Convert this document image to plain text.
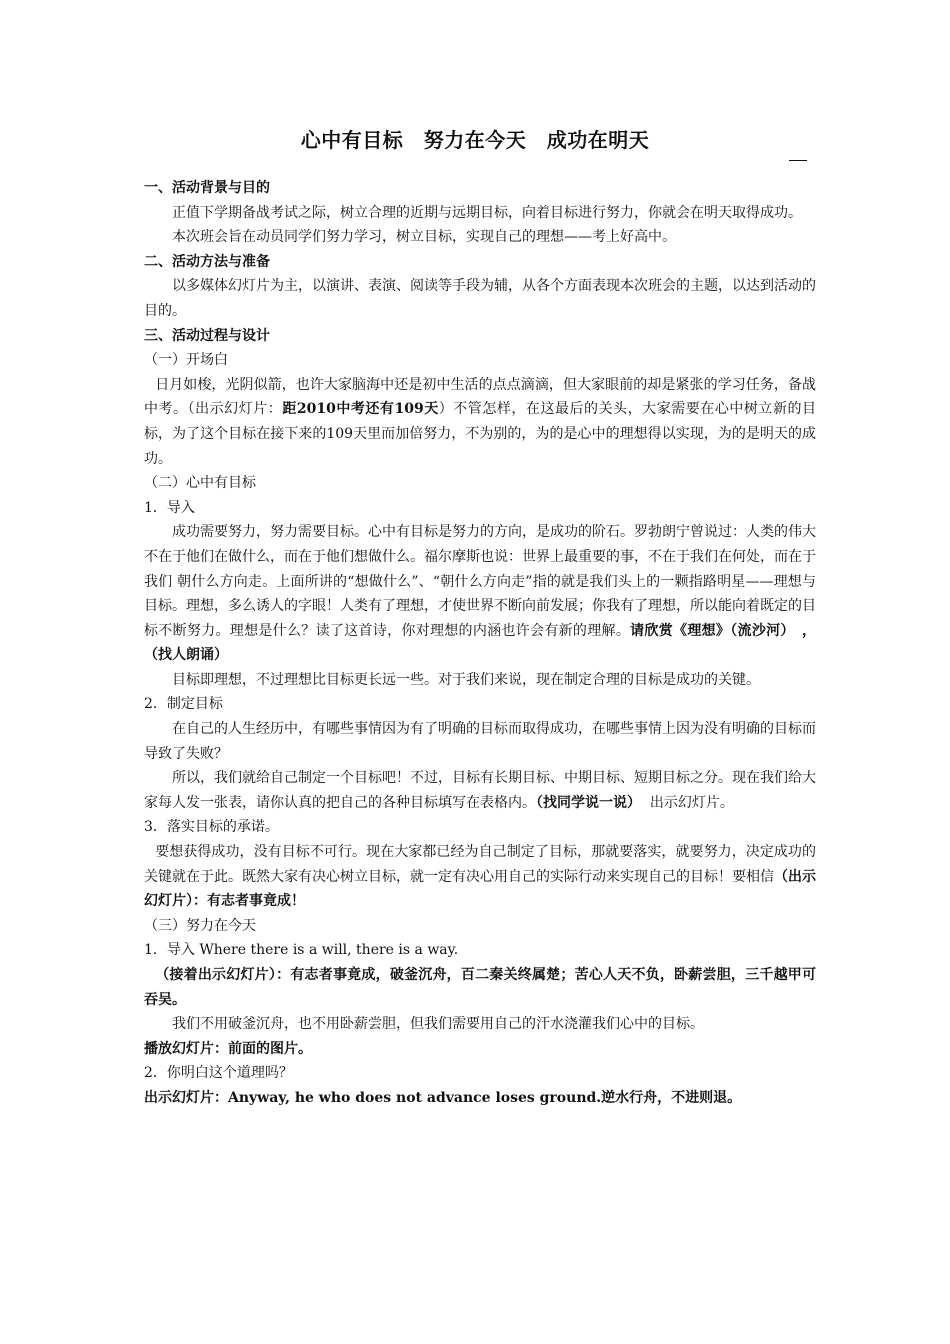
心中有目标　努力在今天　成功在明天

一、活动背景与目的

正值下学期备战考试之际，树立合理的近期与远期目标，向着目标进行努力，你就会在明天取得成功。

本次班会旨在动员同学们努力学习，树立目标，实现自己的理想——考上好高中。

二、活动方法与准备

以多媒体幻灯片为主，以演讲、表演、阅读等手段为辅，从各个方面表现本次班会的主题，以达到活动的目的。

三、活动过程与设计

（一）开场白

日月如梭，光阴似箭，也许大家脑海中还是初中生活的点点滴滴，但大家眼前的却是紧张的学习任务，备战中考。（出示幻灯片：距2010中考还有109天）不管怎样，在这最后的关头，大家需要在心中树立新的目标，为了这个目标在接下来的109天里而加倍努力，不为别的，为的是心中的理想得以实现，为的是明天的成功。

（二）心中有目标

1．导入

成功需要努力，努力需要目标。心中有目标是努力的方向，是成功的阶石。罗勃朗宁曾说过：人类的伟大不在于他们在做什么，而在于他们想做什么。福尔摩斯也说：世界上最重要的事，不在于我们在何处，而在于我们 朝什么方向走。上面所讲的“想做什么”、“朝什么方向走”指的就是我们头上的一颗指路明星——理想与目标。理想，多么诱人的字眼！人类有了理想，才使世界不断向前发展；你我有了理想，所以能向着既定的目标不断努力。理想是什么？读了这首诗，你对理想的内涵也许会有新的理解。请欣赏《理想》（流沙河）　，（找人朗诵）

目标即理想，不过理想比目标更长远一些。对于我们来说，现在制定合理的目标是成功的关键。

2．制定目标

在自己的人生经历中，有哪些事情因为有了明确的目标而取得成功，在哪些事情上因为没有明确的目标而导致了失败？

所以，我们就给自己制定一个目标吧！不过，目标有长期目标、中期目标、短期目标之分。现在我们给大家每人发一张表，请你认真的把自己的各种目标填写在表格内。（找同学说一说） 出示幻灯片。

3．落实目标的承诺。

要想获得成功，没有目标不可行。现在大家都已经为自己制定了目标，那就要落实，就要努力，决定成功的关键就在于此。既然大家有决心树立目标，就一定有决心用自己的实际行动来实现自己的目标！要相信（出示幻灯片）：有志者事竟成！

（三）努力在今天

1．导入 Where there is a will, there is a way.

（接着出示幻灯片）：有志者事竟成，破釜沉舟，百二秦关终属楚；苦心人天不负，卧薪尝胆，三千越甲可吞吴。

我们不用破釜沉舟，也不用卧薪尝胆，但我们需要用自己的汗水浇灌我们心中的目标。

播放幻灯片：前面的图片。

2．你明白这个道理吗？

出示幻灯片：Anyway, he who does not advance loses ground.逆水行舟，不进则退。
